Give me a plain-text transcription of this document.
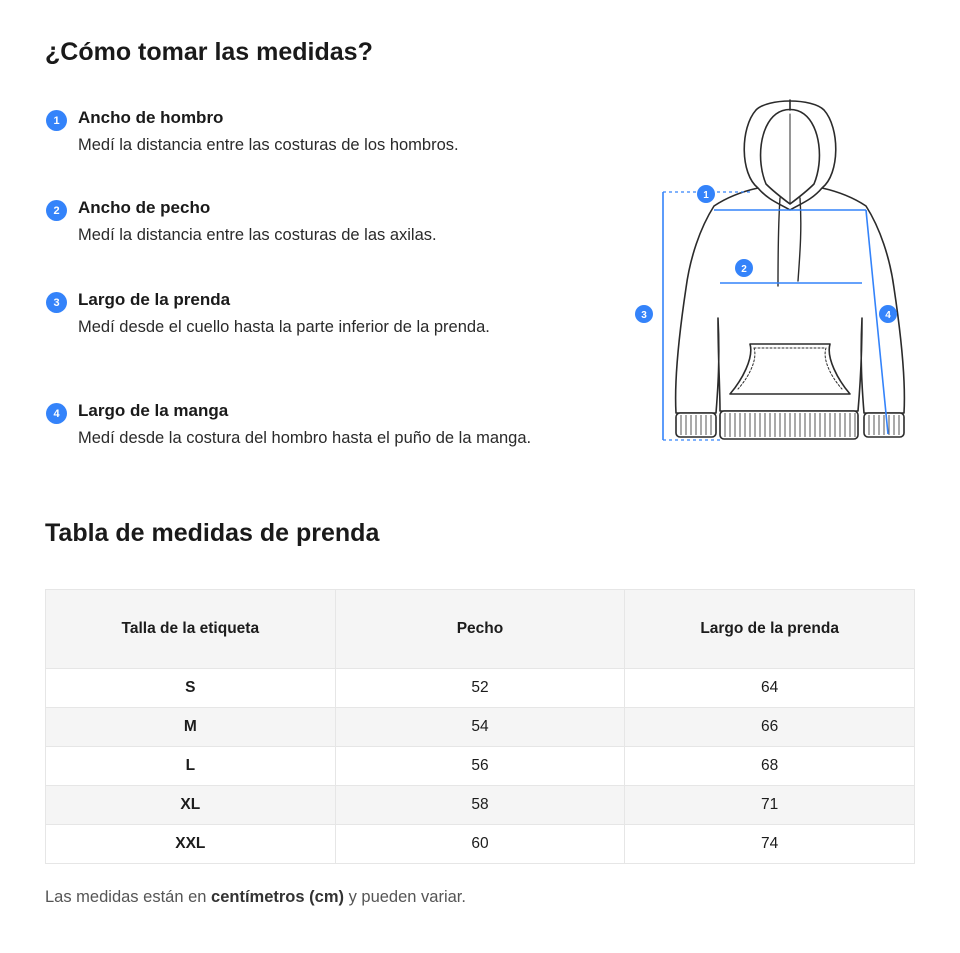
¿Cómo tomar las medidas?
1	Ancho de hombro
Medí la distancia entre las costuras de los hombros.
2	Ancho de pecho
Medí la distancia entre las costuras de las axilas.
3	Largo de la prenda
Medí desde el cuello hasta la parte inferior de la prenda.
4	Largo de la manga
Medí desde la costura del hombro hasta el puño de la manga.
1
2
3	4
Tabla de medidas de prenda
Talla de la etiqueta	Pecho	Largo de la prenda
S	52	64
M	54	66
L	56	68
XL	58	71
XXL	60	74
Las medidas están en centímetros (cm) y pueden variar.
